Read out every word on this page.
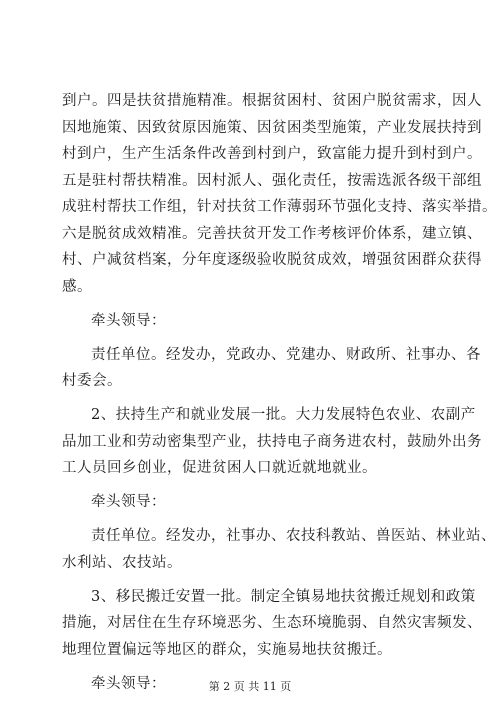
到户。四是扶贫措施精准。根据贫困村、贫困户脱贫需求，因人
因地施策、因致贫原因施策、因贫困类型施策，产业发展扶持到
村到户，生产生活条件改善到村到户，致富能力提升到村到户。
五是驻村帮扶精准。因村派人、强化责任，按需选派各级干部组
成驻村帮扶工作组，针对扶贫工作薄弱环节强化支持、落实举措。
六是脱贫成效精准。完善扶贫开发工作考核评价体系，建立镇、
村、户减贫档案，分年度逐级验收脱贫成效，增强贫困群众获得
感。
牵头领导：
责任单位。经发办，党政办、党建办、财政所、社事办、各
村委会。
2、扶持生产和就业发展一批。大力发展特色农业、农副产
品加工业和劳动密集型产业，扶持电子商务进农村，鼓励外出务
工人员回乡创业，促进贫困人口就近就地就业。
牵头领导：
责任单位。经发办，社事办、农技科教站、兽医站、林业站、
水利站、农技站。
3、移民搬迁安置一批。制定全镇易地扶贫搬迁规划和政策
措施，对居住在生存环境恶劣、生态环境脆弱、自然灾害频发、
地理位置偏远等地区的群众，实施易地扶贫搬迁。
牵头领导：	第 2 页 共 11 页
